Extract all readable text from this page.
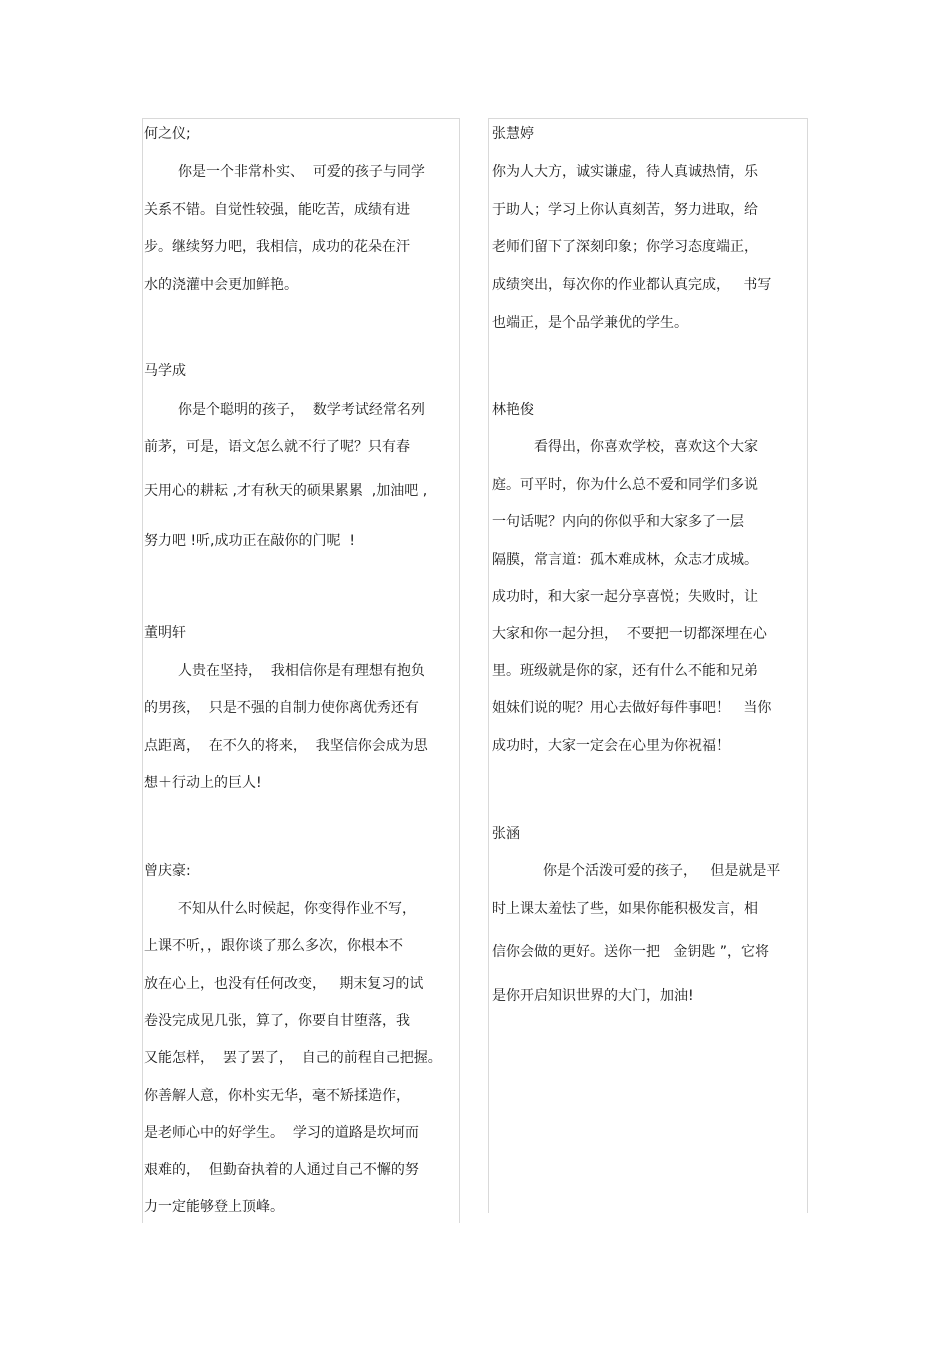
何之仪;
你是一个非常朴实、  可爱的孩子与同学
关系不错。自觉性较强，能吃苦，成绩有进
步。继续努力吧，我相信，成功的花朵在汗
水的浇灌中会更加鲜艳。
马学成
你是个聪明的孩子，  数学考试经常名列
前茅，可是，语文怎么就不行了呢？只有春
天用心的耕耘 ,才有秋天的硕果累累  ,加油吧 ,
努力吧 !听,成功正在敲你的门呢  !
董明轩
人贵在坚持，  我相信你是有理想有抱负
的男孩，  只是不强的自制力使你离优秀还有
点距离，  在不久的将来，  我坚信你会成为思
想＋行动上的巨人!
曾庆豪:
不知从什么时候起，你变得作业不写，
上课不听，，跟你谈了那么多次，你根本不
放在心上，也没有任何改变，   期末复习的试
卷没完成见几张，算了，你要自甘堕落，我
又能怎样，  罢了罢了，  自己的前程自己把握。
你善解人意，你朴实无华，毫不矫揉造作，
是老师心中的好学生。  学习的道路是坎坷而
艰难的，  但勤奋执着的人通过自己不懈的努
力一定能够登上顶峰。
张慧婷
你为人大方，诚实谦虚，待人真诚热情，乐
于助人；学习上你认真刻苦，努力进取，给
老师们留下了深刻印象；你学习态度端正，
成绩突出，每次你的作业都认真完成，   书写
也端正，是个品学兼优的学生。
林艳俊
看得出，你喜欢学校，喜欢这个大家
庭。可平时，你为什么总不爱和同学们多说
一句话呢？内向的你似乎和大家多了一层
隔膜，常言道：孤木难成林，众志才成城。
成功时，和大家一起分享喜悦；失败时，让
大家和你一起分担，  不要把一切都深埋在心
里。班级就是你的家，还有什么不能和兄弟
姐妹们说的呢？用心去做好每件事吧！   当你
成功时，大家一定会在心里为你祝福！
张涵
你是个活泼可爱的孩子，   但是就是平
时上课太羞怯了些，如果你能积极发言，相
信你会做的更好。送你一把   金钥匙 ”，它将
是你开启知识世界的大门，加油!
